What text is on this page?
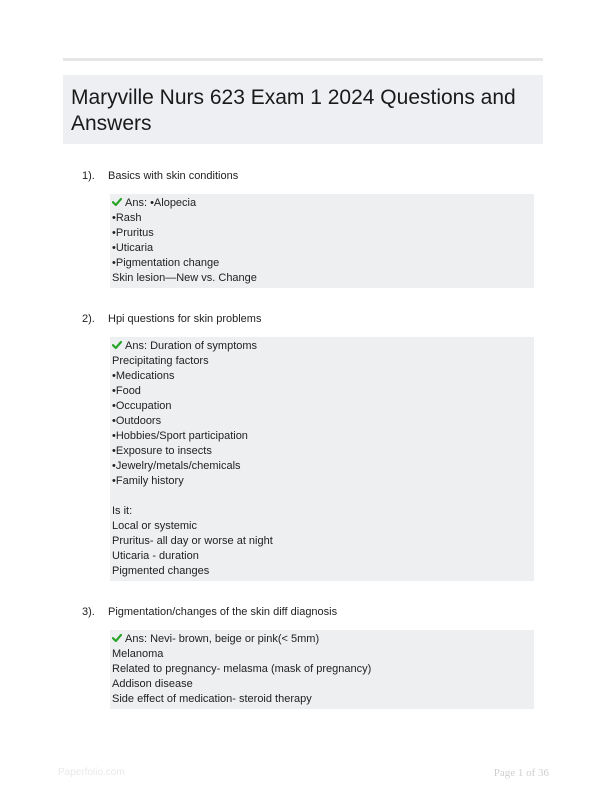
Maryville Nurs 623 Exam 1 2024 Questions and Answers
1). Basics with skin conditions
Ans: •Alopecia
•Rash
•Pruritus
•Uticaria
•Pigmentation change
Skin lesion—New vs. Change
2). Hpi questions for skin problems
Ans: Duration of symptoms
Precipitating factors
•Medications
•Food
•Occupation
•Outdoors
•Hobbies/Sport participation
•Exposure to insects
•Jewelry/metals/chemicals
•Family history
Is it:
Local or systemic
Pruritus- all day or worse at night
Uticaria - duration
Pigmented changes
3). Pigmentation/changes of the skin diff diagnosis
Ans: Nevi- brown, beige or pink(< 5mm)
Melanoma
Related to pregnancy- melasma (mask of pregnancy)
Addison disease
Side effect of medication- steroid therapy
Paperfolio.com	Page 1 of 36
